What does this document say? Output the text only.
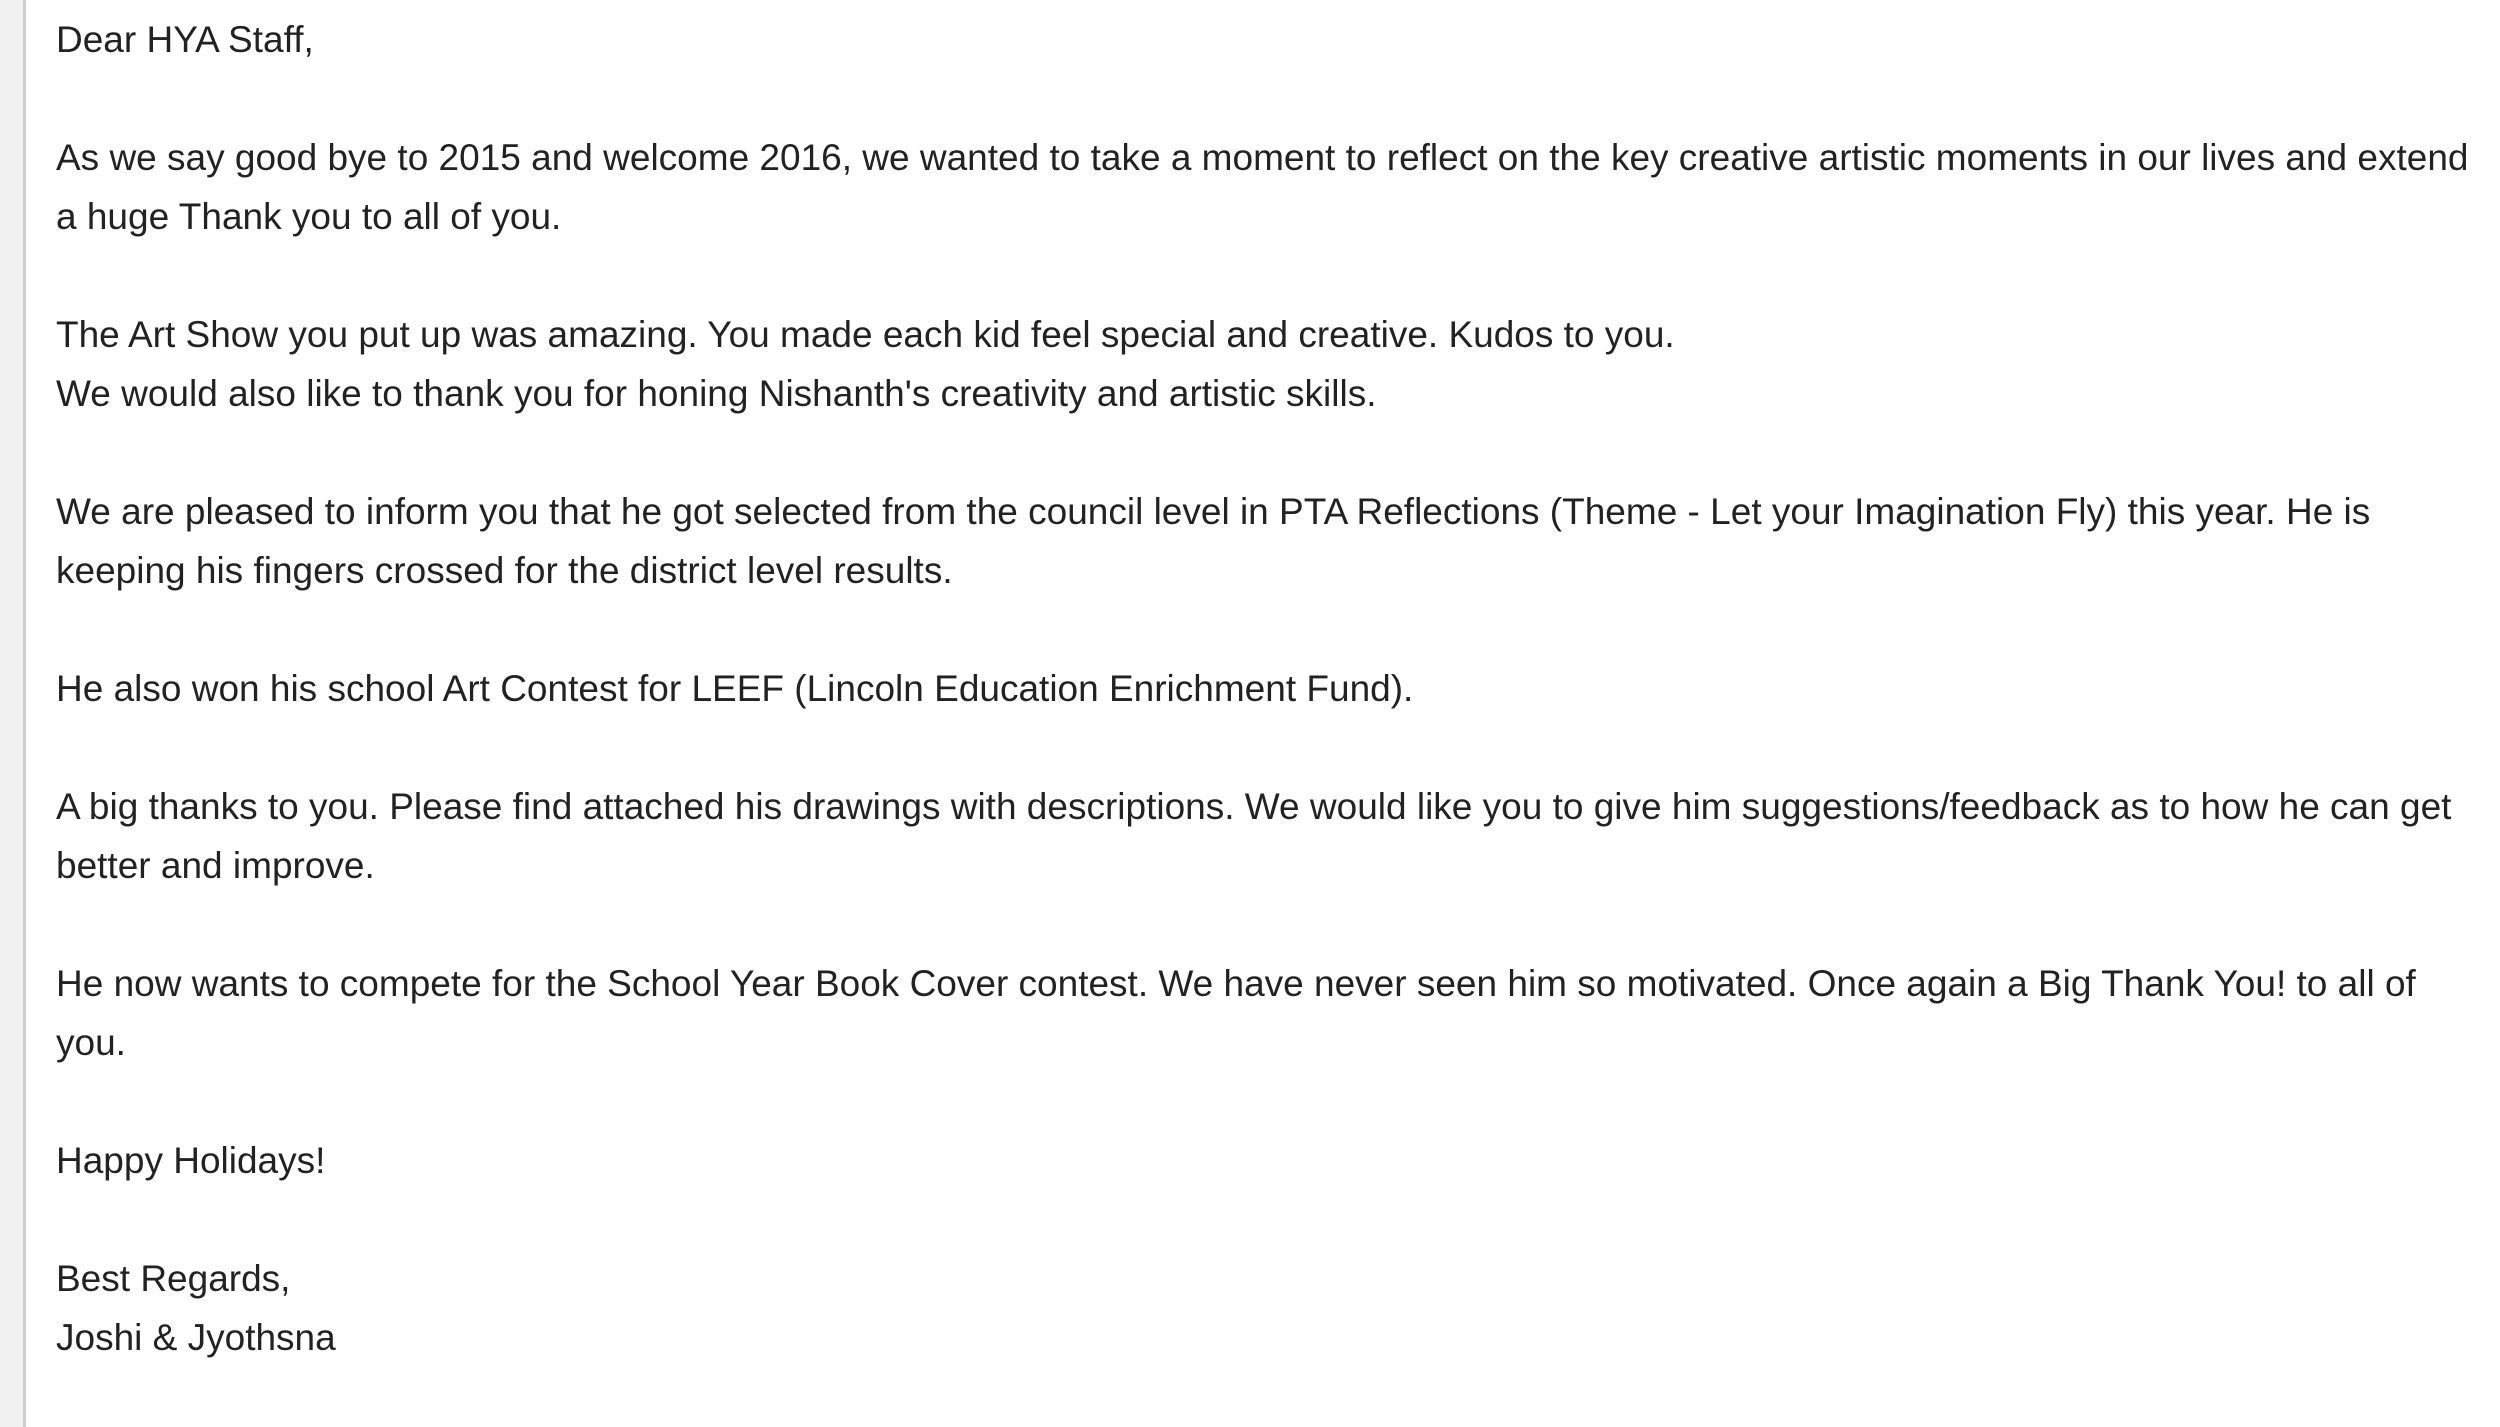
Dear HYA Staff,

As we say good bye to 2015 and welcome 2016, we wanted to take a moment to reflect on the key creative artistic moments in our lives and extend a huge Thank you to all of you.

The Art Show you put up was amazing. You made each kid feel special and creative. Kudos to you.
We would also like to thank you for honing Nishanth's creativity and artistic skills.

We are pleased to inform you that he got selected from the council level in PTA Reflections (Theme - Let your Imagination Fly) this year. He is keeping his fingers crossed for the district level results.

He also won his school Art Contest for LEEF (Lincoln Education Enrichment Fund).

A big thanks to you. Please find attached his drawings with descriptions. We would like you to give him suggestions/feedback as to how he can get better and improve.

He now wants to compete for the School Year Book Cover contest. We have never seen him so motivated. Once again a Big Thank You! to all of you.

Happy Holidays!

Best Regards,
Joshi & Jyothsna
